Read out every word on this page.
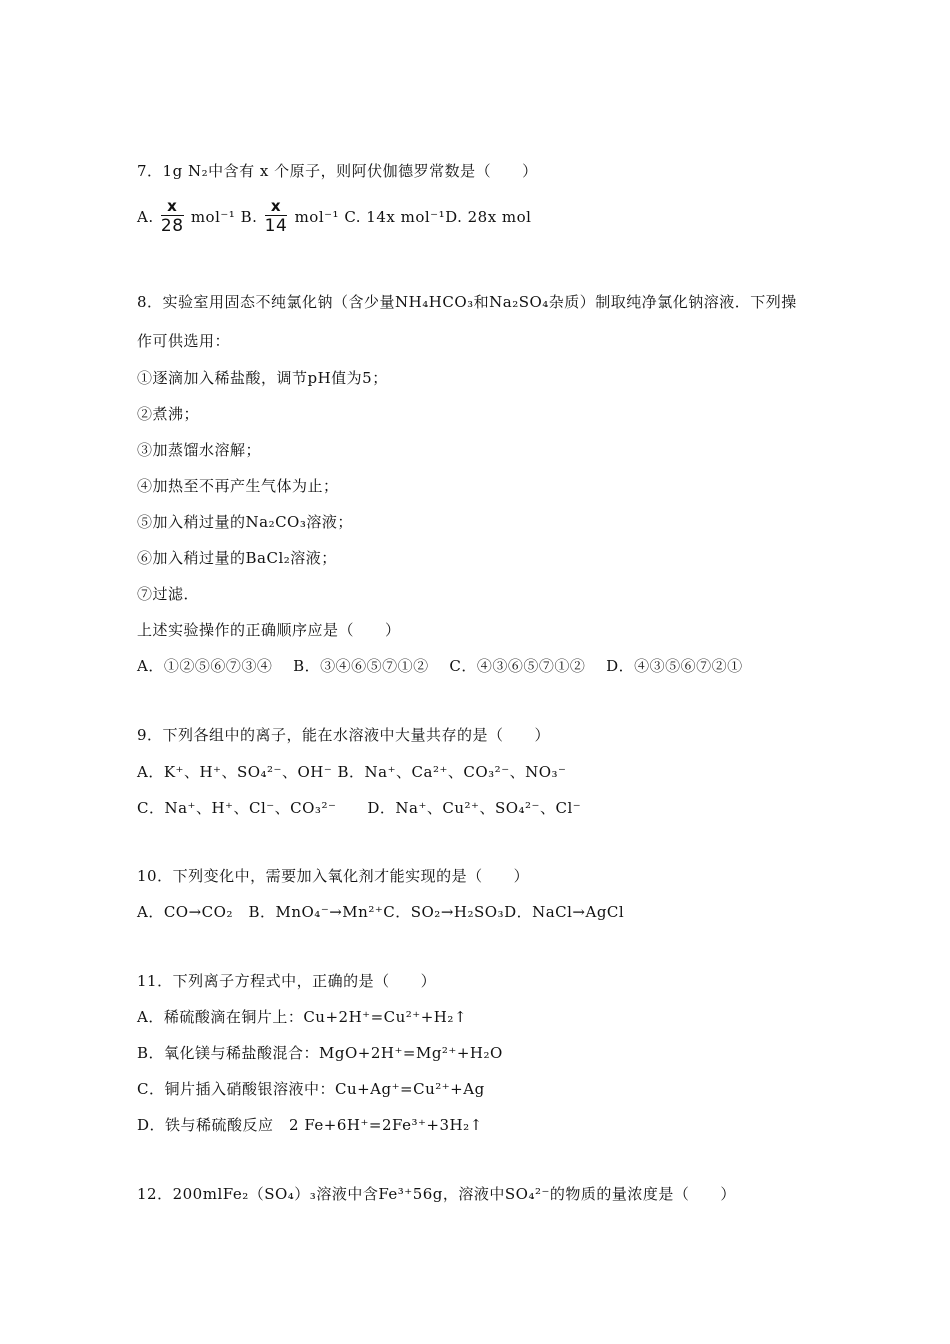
7．1g N₂中含有 x 个原子，则阿伏伽德罗常数是（　　）
A. $\frac{x}{28} mol^{-1}$ B. $\frac{x}{14} mol^{-1}$ C. 14x mol⁻¹D. 28x mol
8．实验室用固态不纯氯化钠（含少量NH₄HCO₃和Na₂SO₄杂质）制取纯净氯化钠溶液．下列操
作可供选用：
①逐滴加入稀盐酸，调节pH值为5；
②煮沸；
③加蒸馏水溶解；
④加热至不再产生气体为止；
⑤加入稍过量的Na₂CO₃溶液；
⑥加入稍过量的BaCl₂溶液；
⑦过滤．
上述实验操作的正确顺序应是（　　）
A．①②⑤⑥⑦③④　 B．③④⑥⑤⑦①②　 C．④③⑥⑤⑦①②　 D．④③⑤⑥⑦②①
9．下列各组中的离子，能在水溶液中大量共存的是（　　）
A．K⁺、H⁺、SO₄²⁻、OH⁻ B．Na⁺、Ca²⁺、CO₃²⁻、NO₃⁻
C．Na⁺、H⁺、Cl⁻、CO₃²⁻　　D．Na⁺、Cu²⁺、SO₄²⁻、Cl⁻
10．下列变化中，需要加入氧化剂才能实现的是（　　）
A．CO→CO₂　B．MnO₄⁻→Mn²⁺C．SO₂→H₂SO₃D．NaCl→AgCl
11．下列离子方程式中，正确的是（　　）
A．稀硫酸滴在铜片上：Cu+2H⁺=Cu²⁺+H₂↑
B．氧化镁与稀盐酸混合：MgO+2H⁺=Mg²⁺+H₂O
C．铜片插入硝酸银溶液中：Cu+Ag⁺=Cu²⁺+Ag
D．铁与稀硫酸反应　2 Fe+6H⁺=2Fe³⁺+3H₂↑
12．200mlFe₂（SO₄）₃溶液中含Fe³⁺56g，溶液中SO₄²⁻的物质的量浓度是（　　）
